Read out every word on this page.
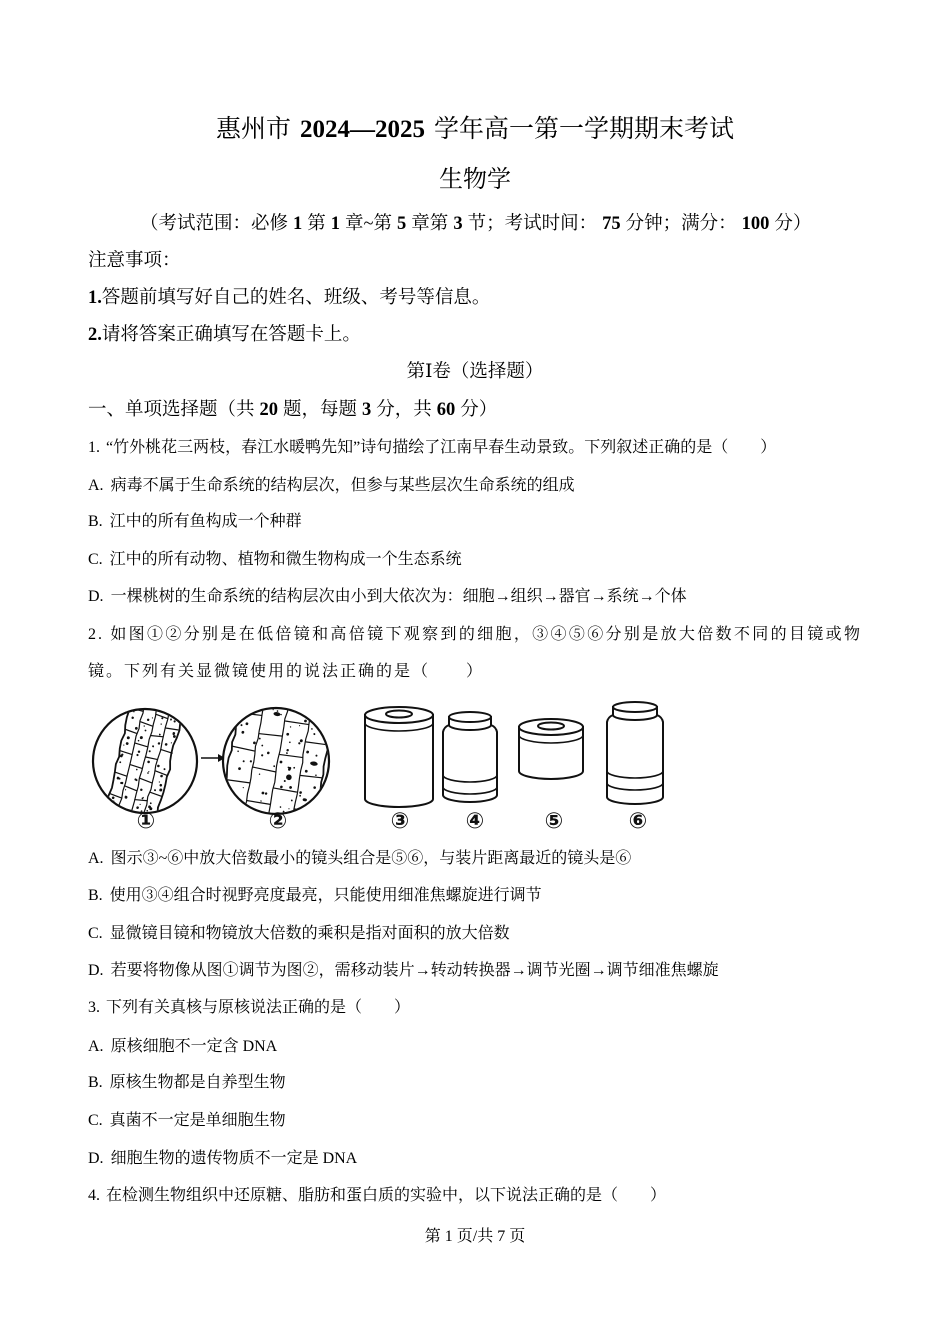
惠州市 2024—2025 学年高一第一学期期末考试
生物学
（考试范围：必修 1 第 1 章~第 5 章第 3 节；考试时间： 75 分钟；满分： 100 分）
注意事项：
1.答题前填写好自己的姓名、班级、考号等信息。
2.请将答案正确填写在答题卡上。
第Ⅰ卷（选择题）
一、单项选择题（共 20 题，每题 3 分，共 60 分）
1. “竹外桃花三两枝，春江水暖鸭先知”诗句描绘了江南早春生动景致。下列叙述正确的是（　　）
A. 病毒不属于生命系统的结构层次，但参与某些层次生命系统的组成
B. 江中的所有鱼构成一个种群
C. 江中的所有动物、植物和微生物构成一个生态系统
D. 一棵桃树的生命系统的结构层次由小到大依次为：细胞→组织→器官→系统→个体
2. 如图①②分别是在低倍镜和高倍镜下观察到的细胞，③④⑤⑥分别是放大倍数不同的目镜或物镜。下列有关显微镜使用的说法正确的是（　　）
①	②	③	④	⑤	⑥
A. 图示③~⑥中放大倍数最小的镜头组合是⑤⑥，与装片距离最近的镜头是⑥
B. 使用③④组合时视野亮度最亮，只能使用细准焦螺旋进行调节
C. 显微镜目镜和物镜放大倍数的乘积是指对面积的放大倍数
D. 若要将物像从图①调节为图②，需移动装片→转动转换器→调节光圈→调节细准焦螺旋
3. 下列有关真核与原核说法正确的是（　　）
A. 原核细胞不一定含 DNA
B. 原核生物都是自养型生物
C. 真菌不一定是单细胞生物
D. 细胞生物的遗传物质不一定是 DNA
4. 在检测生物组织中还原糖、脂肪和蛋白质的实验中，以下说法正确的是（　　）
第 1 页/共 7 页
